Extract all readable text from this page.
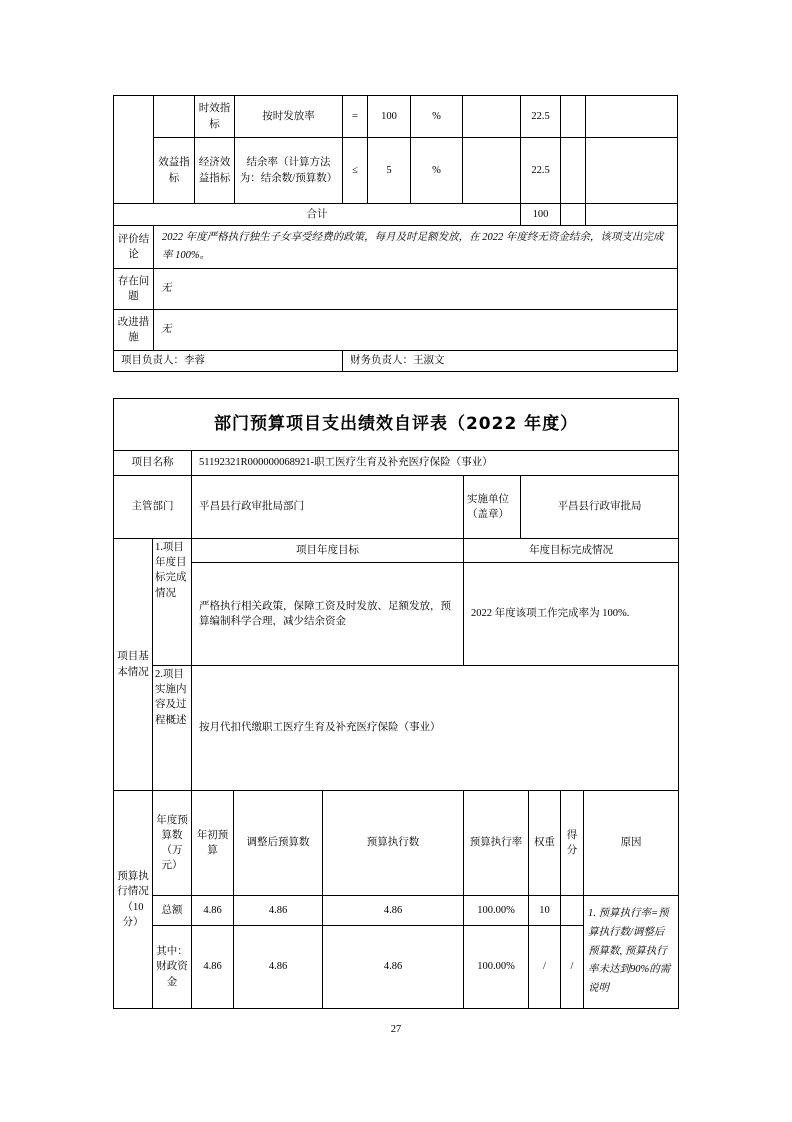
		时效指标	按时发放率	=	100	%		22.5		
	效益指标	经济效益指标	结余率（计算方法为：结余数/预算数）	≤	5	%		22.5		
合计								100		
评价结论	2022 年度严格执行独生子女享受经费的政策，每月及时足额发放，在 2022 年度终无资金结余，该项支出完成率 100%。									
存在问题	无									
改进措施	无									
项目负责人：李蓉				财务负责人：王淑文						
部门预算项目支出绩效自评表（2022 年度）									
项目名称		51192321R000000068921-职工医疗生育及补充医疗保险（事业）							
主管部门		平昌县行政审批局部门			实施单位（盖章）	平昌县行政审批局			
项目基本情况	1.项目年度目标完成情况	项目年度目标			年度目标完成情况				
		严格执行相关政策，保障工资及时发放、足额发放，预算编制科学合理，减少结余资金			2022 年度该项工作完成率为 100%.				
	2.项目实施内容及过程概述	按月代扣代缴职工医疗生育及补充医疗保险（事业）							
预算执行情况（10 分）	年度预算数（万元）	年初预算	调整后预算数	预算执行数	预算执行率		权重	得分	原因
	总额	4.86	4.86	4.86	100.00%		10		1. 预算执行率=预算执行数/调整后预算数, 预算执行率未达到90%的需说明
	其中：财政资金	4.86	4.86	4.86	100.00%		/	/	
27
